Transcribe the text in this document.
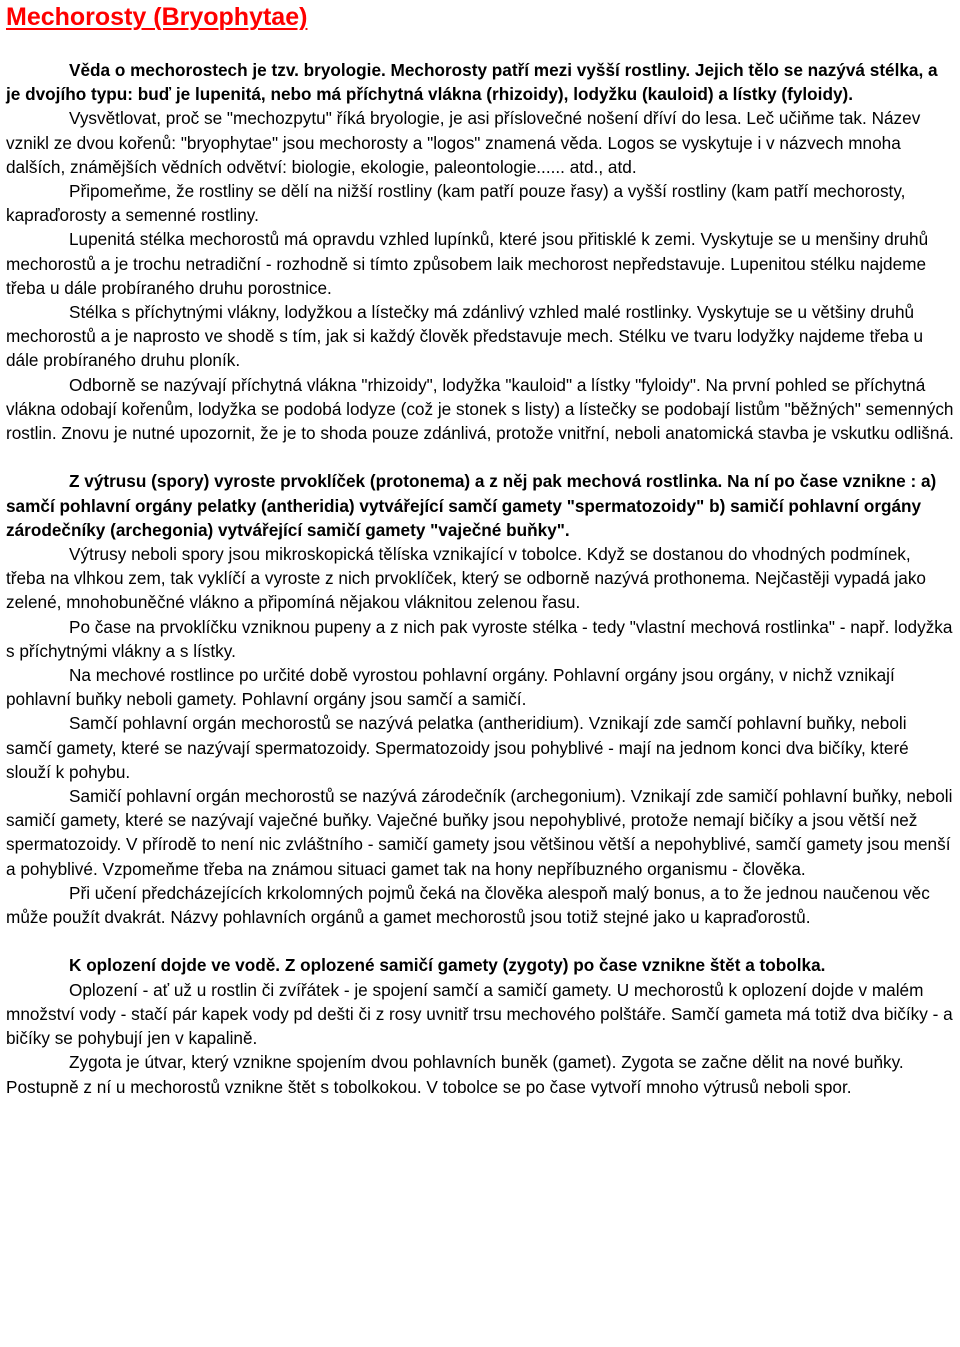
Mechorosty (Bryophytae)

Věda o mechorostech je tzv. bryologie. Mechorosty patří mezi vyšší rostliny. Jejich tělo se nazývá stélka, a je dvojího typu: buď je lupenitá, nebo má příchytná vlákna (rhizoidy), lodyžku (kauloid) a lístky (fyloidy).

Vysvětlovat, proč se "mechozpytu" říká bryologie, je asi příslovečné nošení dříví do lesa. Leč učiňme tak. Název vznikl ze dvou kořenů: "bryophytae" jsou mechorosty a "logos" znamená věda. Logos se vyskytuje i v názvech mnoha dalších, známějších vědních odvětví: biologie, ekologie, paleontologie...... atd., atd.

Připomeňme, že rostliny se dělí na nižší rostliny (kam patří pouze řasy) a vyšší rostliny (kam patří mechorosty, kapraďorosty a semenné rostliny.

Lupenitá stélka mechorostů má opravdu vzhled lupínků, které jsou přitisklé k zemi. Vyskytuje se u menšiny druhů mechorostů a je trochu netradiční - rozhodně si tímto způsobem laik mechorost nepředstavuje. Lupenitou stélku najdeme třeba u dále probíraného druhu porostnice.

Stélka s příchytnými vlákny, lodyžkou a lístečky má zdánlivý vzhled malé rostlinky. Vyskytuje se u většiny druhů mechorostů a je naprosto ve shodě s tím, jak si každý člověk představuje mech. Stélku ve tvaru lodyžky najdeme třeba u dále probíraného druhu ploník.

Odborně se nazývají příchytná vlákna "rhizoidy", lodyžka "kauloid" a lístky "fyloidy". Na první pohled se příchytná vlákna odobají kořenům, lodyžka se podobá lodyze (což je stonek s listy) a lístečky se podobají listům "běžných" semenných rostlin. Znovu je nutné upozornit, že je to shoda pouze zdánlivá, protože vnitřní, neboli anatomická stavba je vskutku odlišná.

Z výtrusu (spory) vyroste prvoklíček (protonema) a z něj pak mechová rostlinka. Na ní po čase vznikne : a) samčí pohlavní orgány pelatky (antheridia) vytvářející samčí gamety "spermatozoidy" b) samičí pohlavní orgány zárodečníky (archegonia) vytvářející samičí gamety "vaječné buňky".

Výtrusy neboli spory jsou mikroskopická tělíska vznikající v tobolce. Když se dostanou do vhodných podmínek, třeba na vlhkou zem, tak vyklíčí a vyroste z nich prvoklíček, který se odborně nazývá prothonema. Nejčastěji vypadá jako zelené, mnohobuněčné vlákno a připomíná nějakou vláknitou zelenou řasu.

Po čase na prvoklíčku vzniknou pupeny a z nich pak vyroste stélka - tedy "vlastní mechová rostlinka" - např. lodyžka s příchytnými vlákny a s lístky.

Na mechové rostlince po určité době vyrostou pohlavní orgány. Pohlavní orgány jsou orgány, v nichž vznikají pohlavní buňky neboli gamety. Pohlavní orgány jsou samčí a samičí.

Samčí pohlavní orgán mechorostů se nazývá pelatka (antheridium). Vznikají zde samčí pohlavní buňky, neboli samčí gamety, které se nazývají spermatozoidy. Spermatozoidy jsou pohyblivé - mají na jednom konci dva bičíky, které slouží k pohybu.

Samičí pohlavní orgán mechorostů se nazývá zárodečník (archegonium). Vznikají zde samičí pohlavní buňky, neboli samičí gamety, které se nazývají vaječné buňky. Vaječné buňky jsou nepohyblivé, protože nemají bičíky a jsou větší než spermatozoidy. V přírodě to není nic zvláštního - samičí gamety jsou většinou větší a nepohyblivé, samčí gamety jsou menší a pohyblivé. Vzpomeňme třeba na známou situaci gamet tak na hony nepříbuzného organismu - člověka.

Při učení předcházejících krkolomných pojmů čeká na člověka alespoň malý bonus, a to že jednou naučenou věc může použít dvakrát. Názvy pohlavních orgánů a gamet mechorostů jsou totiž stejné jako u kapraďorostů.

K oplození dojde ve vodě. Z oplozené samičí gamety (zygoty) po čase vznikne štět a tobolka.

Oplození - ať už u rostlin či zvířátek - je spojení samčí a samičí gamety. U mechorostů k oplození dojde v malém množství vody - stačí pár kapek vody pd dešti či z rosy uvnitř trsu mechového polštáře. Samčí gameta má totiž dva bičíky - a bičíky se pohybují jen v kapalině.

Zygota je útvar, který vznikne spojením dvou pohlavních buněk (gamet). Zygota se začne dělit na nové buňky. Postupně z ní u mechorostů vznikne štět s tobolkokou. V tobolce se po čase vytvoří mnoho výtrusů neboli spor.
